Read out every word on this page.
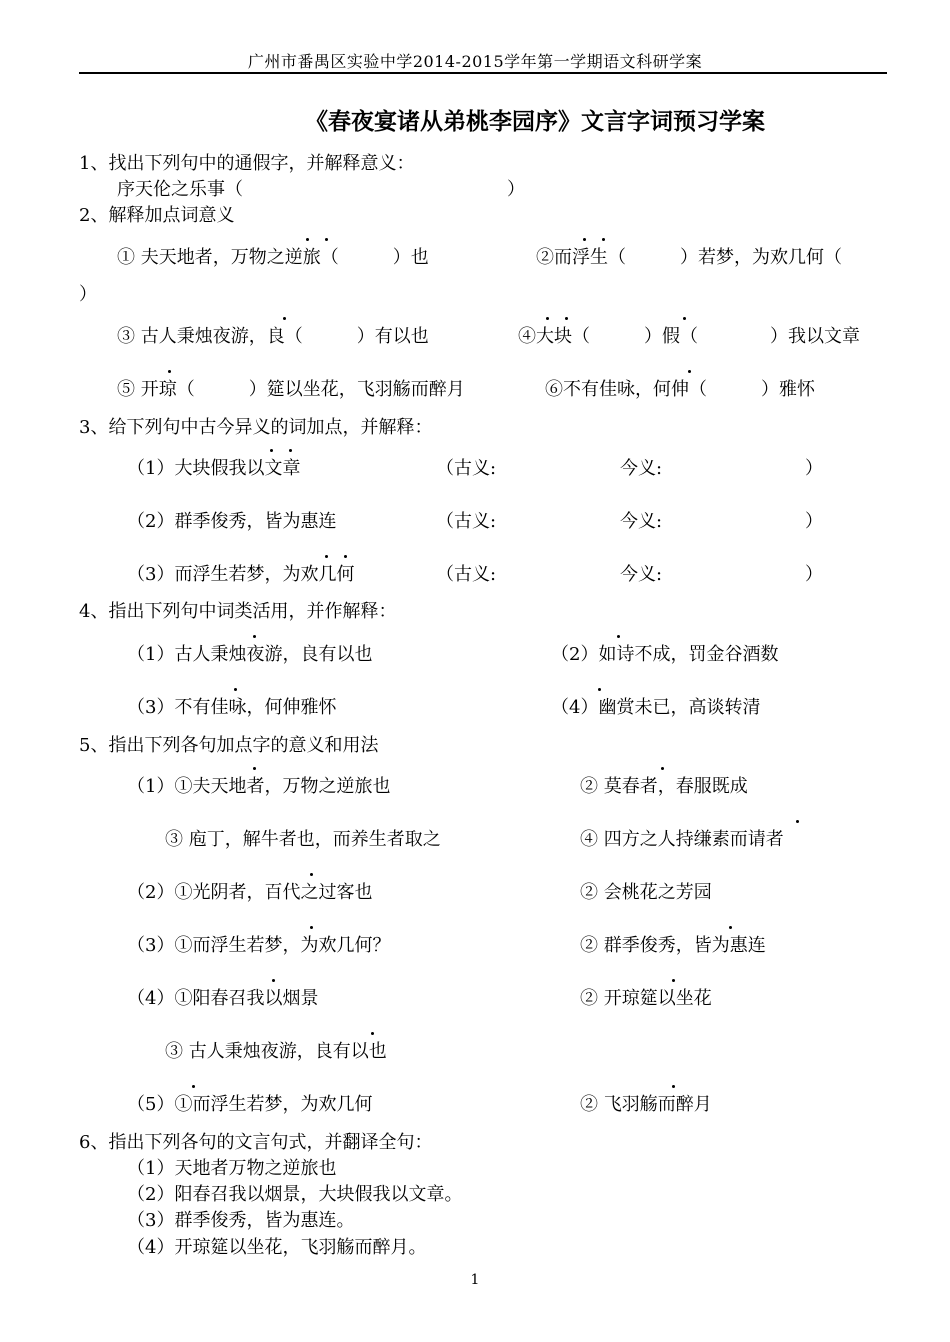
广州市番禺区实验中学2014-2015学年第一学期语文科研学案
《春夜宴诸从弟桃李园序》文言字词预习学案
1、找出下列句中的通假字，并解释意义：
序天伦之乐事（	）
2、解释加点词意义
① 夫天地者，万物之逆旅（　　　）也	②而浮生（　　　）若梦，为欢几何（
）
③ 古人秉烛夜游，良（　　　）有以也	④大块（　　　）假（　　　　）我以文章
⑤ 开琼（　　　）筵以坐花，飞羽觞而醉月	⑥不有佳咏，何伸（　　　）雅怀
3、给下列句中古今异义的词加点，并解释：
（1）大块假我以文章	（古义:	今义:	）
（2）群季俊秀，皆为惠连	（古义:	今义:	）
（3）而浮生若梦，为欢几何	（古义:	今义:	）
4、指出下列句中词类活用，并作解释：
（1）古人秉烛夜游，良有以也	（2）如诗不成，罚金谷酒数
（3）不有佳咏，何伸雅怀	（4）幽赏未已，高谈转清
5、指出下列各句加点字的意义和用法
（1）①夫天地者，万物之逆旅也	② 莫春者，春服既成
③ 庖丁，解牛者也，而养生者取之	④ 四方之人持缣素而请者
（2）①光阴者，百代之过客也	② 会桃花之芳园
（3）①而浮生若梦，为欢几何？	② 群季俊秀，皆为惠连
（4）①阳春召我以烟景	② 开琼筵以坐花
③ 古人秉烛夜游，良有以也
（5）①而浮生若梦，为欢几何	② 飞羽觞而醉月
6、指出下列各句的文言句式，并翻译全句：
（1）天地者万物之逆旅也
（2）阳春召我以烟景，大块假我以文章。
（3）群季俊秀，皆为惠连。
（4）开琼筵以坐花，飞羽觞而醉月。
1
